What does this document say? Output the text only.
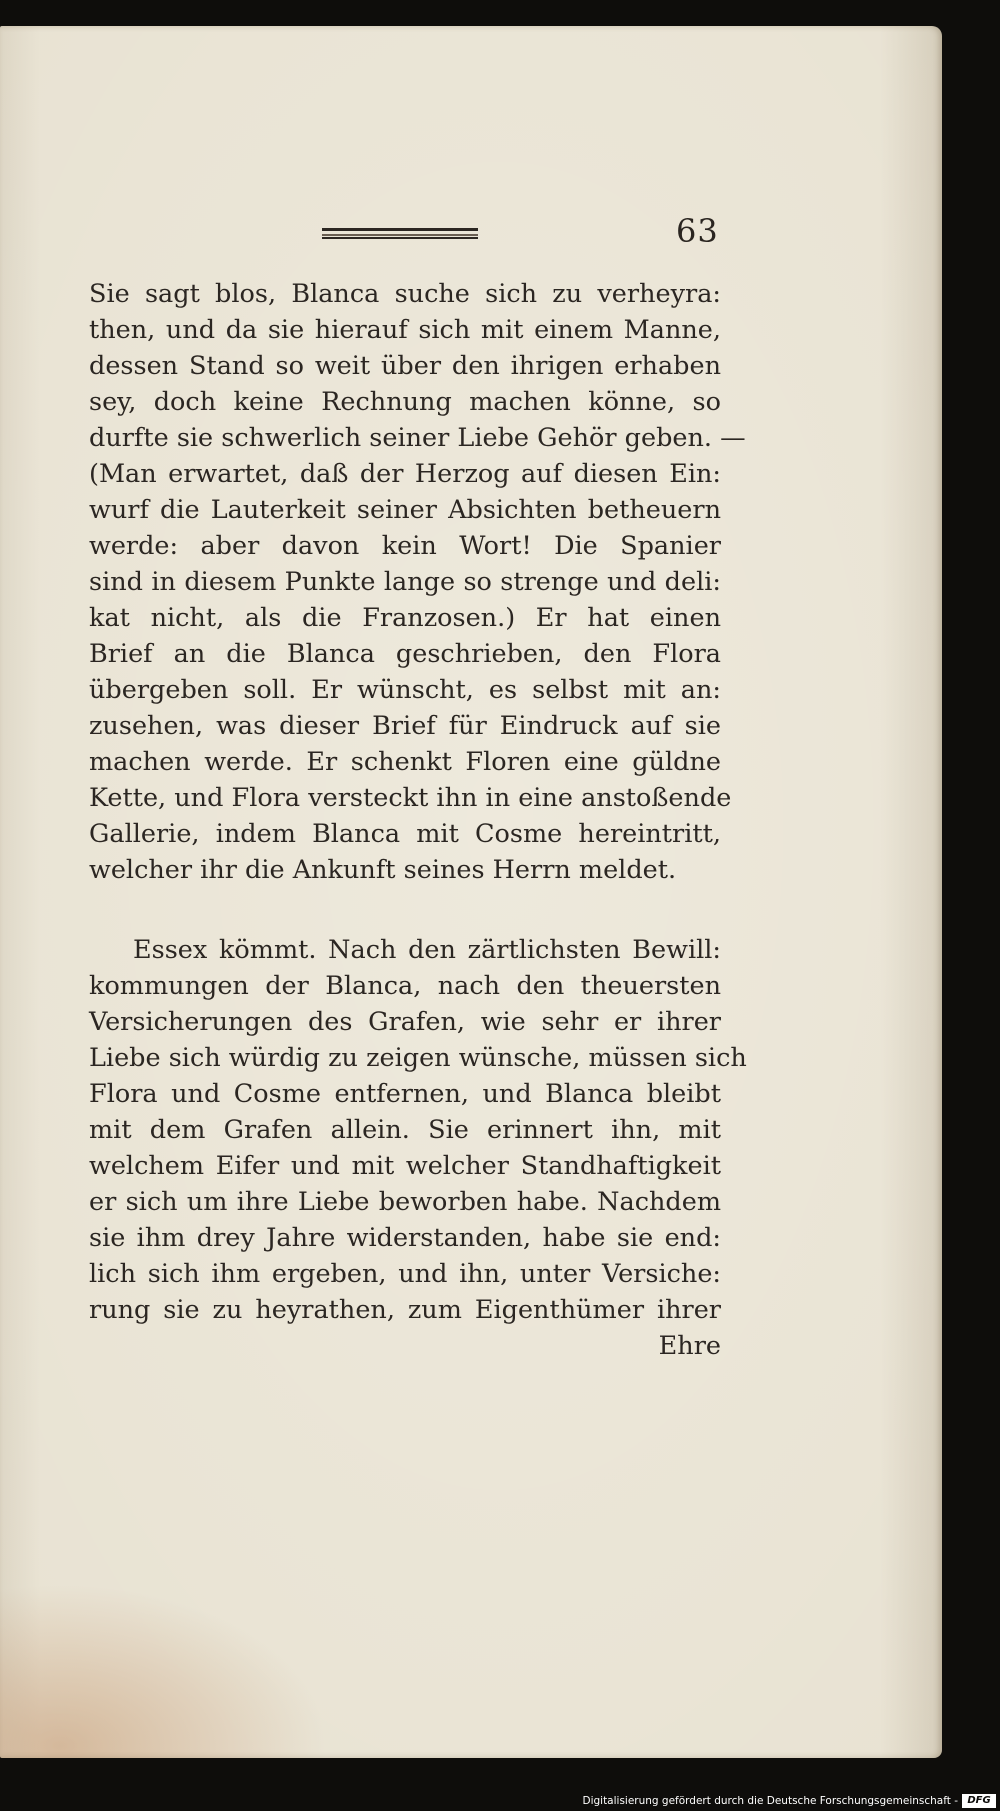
63
Sie sagt blos, Blanca suche sich zu verheyra:
then, und da sie hierauf sich mit einem Manne,
dessen Stand so weit über den ihrigen erhaben
sey, doch keine Rechnung machen könne, so
durfte sie schwerlich seiner Liebe Gehör geben. —
(Man erwartet, daß der Herzog auf diesen Ein:
wurf die Lauterkeit seiner Absichten betheuern
werde: aber davon kein Wort! Die Spanier
sind in diesem Punkte lange so strenge und deli:
kat nicht, als die Franzosen.) Er hat einen
Brief an die Blanca geschrieben, den Flora
übergeben soll. Er wünscht, es selbst mit an:
zusehen, was dieser Brief für Eindruck auf sie
machen werde. Er schenkt Floren eine güldne
Kette, und Flora versteckt ihn in eine anstoßende
Gallerie, indem Blanca mit Cosme hereintritt,
welcher ihr die Ankunft seines Herrn meldet.
Essex kömmt. Nach den zärtlichsten Bewill:
kommungen der Blanca, nach den theuersten
Versicherungen des Grafen, wie sehr er ihrer
Liebe sich würdig zu zeigen wünsche, müssen sich
Flora und Cosme entfernen, und Blanca bleibt
mit dem Grafen allein. Sie erinnert ihn, mit
welchem Eifer und mit welcher Standhaftigkeit
er sich um ihre Liebe beworben habe. Nachdem
sie ihm drey Jahre widerstanden, habe sie end:
lich sich ihm ergeben, und ihn, unter Versiche:
rung sie zu heyrathen, zum Eigenthümer ihrer
Ehre
Digitalisierung gefördert durch die Deutsche Forschungsgemeinschaft - DFG
